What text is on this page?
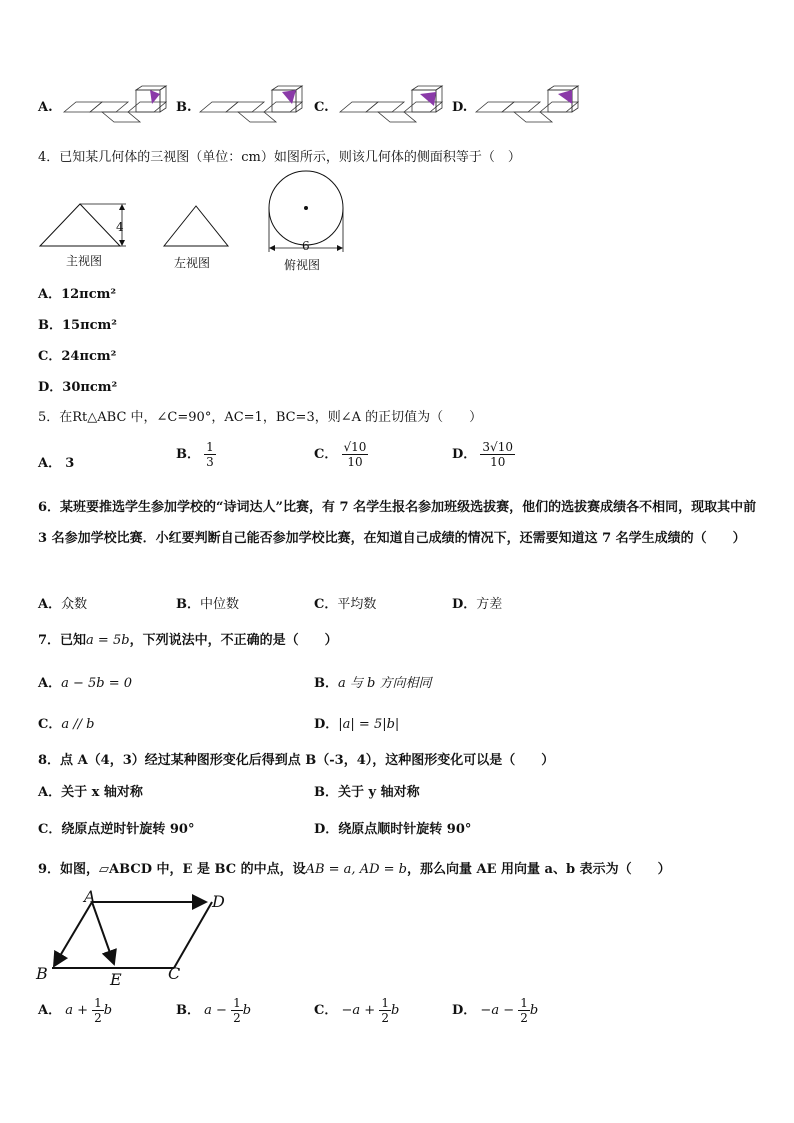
A.	B.	C.	D.
4．已知某几何体的三视图（单位：cm）如图所示，则该几何体的侧面积等于（　）
4
主视图	左视图
6
俯视图
A．12πcm²
B．15πcm²
C．24πcm²
D．30πcm²
5．在Rt△ABC 中，∠C=90°，AC=1，BC=3，则∠A 的正切值为（　　）
A． 3
B． $\frac{1}{3}$	C． $\frac{√10}{10}$	D． $\frac{3√10}{10}$
6．某班要推选学生参加学校的“诗词达人”比赛，有 7 名学生报名参加班级选拔赛，他们的选拔赛成绩各不相同，现取其中前 3 名参加学校比赛．小红要判断自己能否参加学校比赛，在知道自己成绩的情况下，还需要知道这 7 名学生成绩的（　　）
A．众数	B．中位数	C．平均数	D．方差
7．已知a = 5b，下列说法中，不正确的是（　　）
A．a − 5b = 0	B．a 与 b 方向相同
C．a // b	D．|a| = 5|b|
8．点 A（4，3）经过某种图形变化后得到点 B（-3，4），这种图形变化可以是（　　）
A．关于 x 轴对称	B．关于 y 轴对称
C．绕原点逆时针旋转 90°	D．绕原点顺时针旋转 90°
9．如图，▱ABCD 中，E 是 BC 的中点，设AB = a, AD = b，那么向量 AE 用向量 a、b 表示为（　　）
A	D
B	E	C
A． $a + \frac{1}{2}$ b	B． $a - \frac{1}{2}$ b	C． $-a + \frac{1}{2}$ b	D． $-a - \frac{1}{2}$ b
